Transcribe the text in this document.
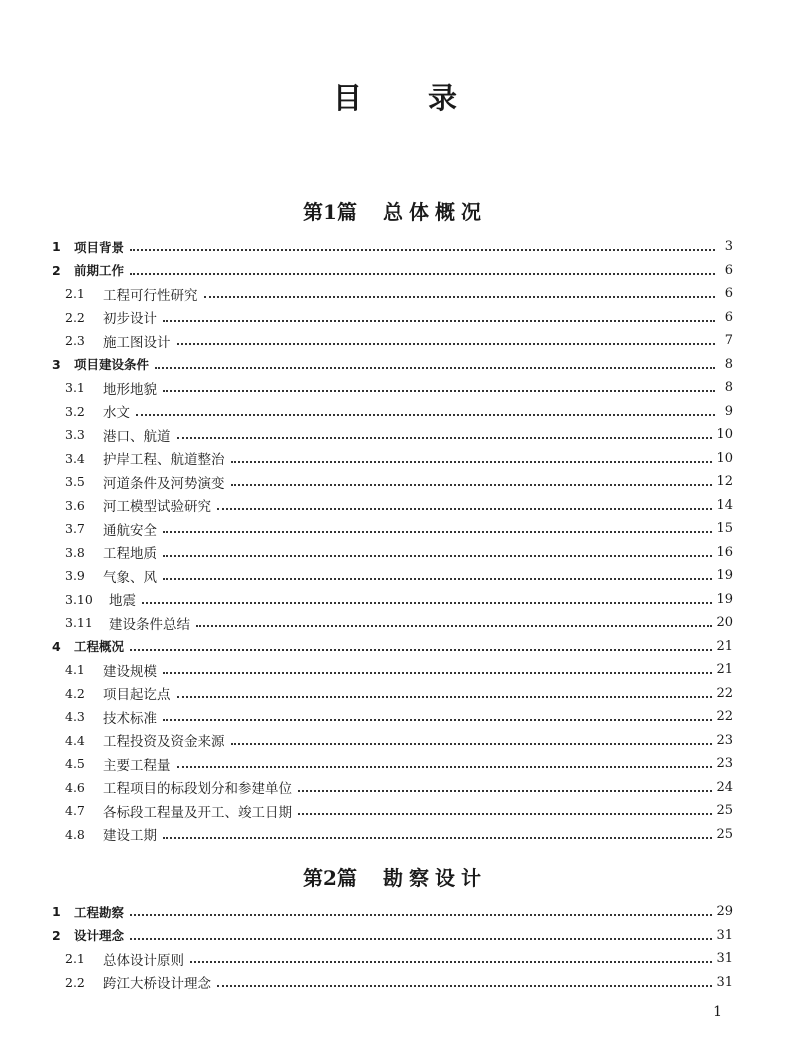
目 录
第1篇 总体概况
1	项目背景	3
2	前期工作	6
2.1	工程可行性研究	6
2.2	初步设计	6
2.3	施工图设计	7
3	项目建设条件	8
3.1	地形地貌	8
3.2	水文	9
3.3	港口、航道	10
3.4	护岸工程、航道整治	10
3.5	河道条件及河势演变	12
3.6	河工模型试验研究	14
3.7	通航安全	15
3.8	工程地质	16
3.9	气象、风	19
3.10	地震	19
3.11	建设条件总结	20
4	工程概况	21
4.1	建设规模	21
4.2	项目起讫点	22
4.3	技术标准	22
4.4	工程投资及资金来源	23
4.5	主要工程量	23
4.6	工程项目的标段划分和参建单位	24
4.7	各标段工程量及开工、竣工日期	25
4.8	建设工期	25
第2篇 勘察设计
1	工程勘察	29
2	设计理念	31
2.1	总体设计原则	31
2.2	跨江大桥设计理念	31
1
